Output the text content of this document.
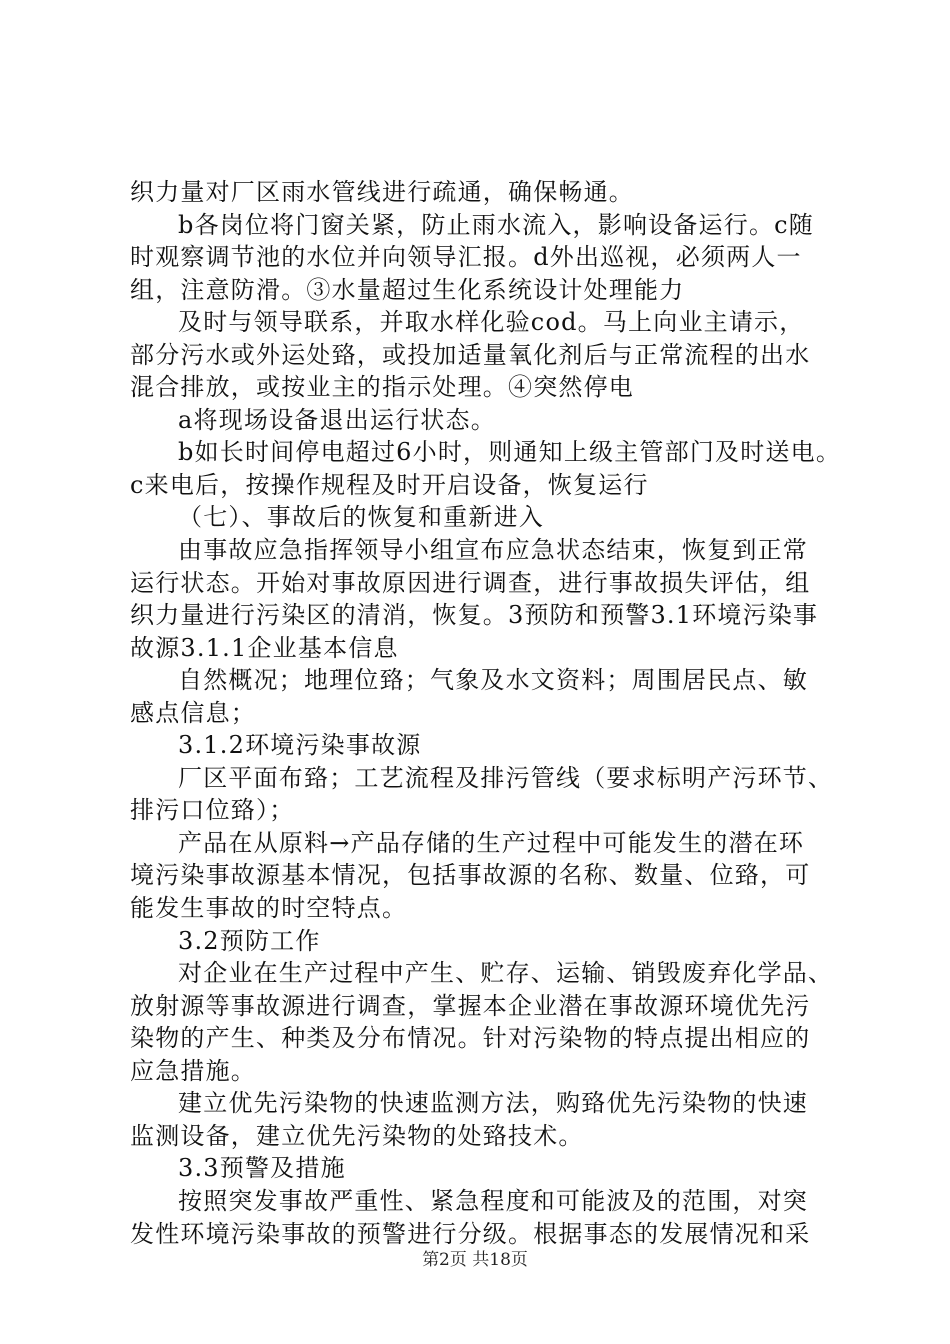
织力量对厂区雨水管线进行疏通，确保畅通。
b各岗位将门窗关紧，防止雨水流入，影响设备运行。c随
时观察调节池的水位并向领导汇报。d外出巡视，必须两人一
组，注意防滑。③水量超过生化系统设计处理能力
及时与领导联系，并取水样化验cod。马上向业主请示，
部分污水或外运处臵，或投加适量氧化剂后与正常流程的出水
混合排放，或按业主的指示处理。④突然停电
a将现场设备退出运行状态。
b如长时间停电超过6小时，则通知上级主管部门及时送电。
c来电后，按操作规程及时开启设备，恢复运行
（七）、事故后的恢复和重新进入
由事故应急指挥领导小组宣布应急状态结束，恢复到正常
运行状态。开始对事故原因进行调查，进行事故损失评估，组
织力量进行污染区的清消，恢复。3预防和预警3.1环境污染事
故源3.1.1企业基本信息
自然概况；地理位臵；气象及水文资料；周围居民点、敏
感点信息；
3.1.2环境污染事故源
厂区平面布臵；工艺流程及排污管线（要求标明产污环节、
排污口位臵）；
产品在从原料→产品存储的生产过程中可能发生的潜在环
境污染事故源基本情况，包括事故源的名称、数量、位臵，可
能发生事故的时空特点。
3.2预防工作
对企业在生产过程中产生、贮存、运输、销毁废弃化学品、
放射源等事故源进行调查，掌握本企业潜在事故源环境优先污
染物的产生、种类及分布情况。针对污染物的特点提出相应的
应急措施。
建立优先污染物的快速监测方法，购臵优先污染物的快速
监测设备，建立优先污染物的处臵技术。
3.3预警及措施
按照突发事故严重性、紧急程度和可能波及的范围，对突
发性环境污染事故的预警进行分级。根据事态的发展情况和采
第2页 共18页
